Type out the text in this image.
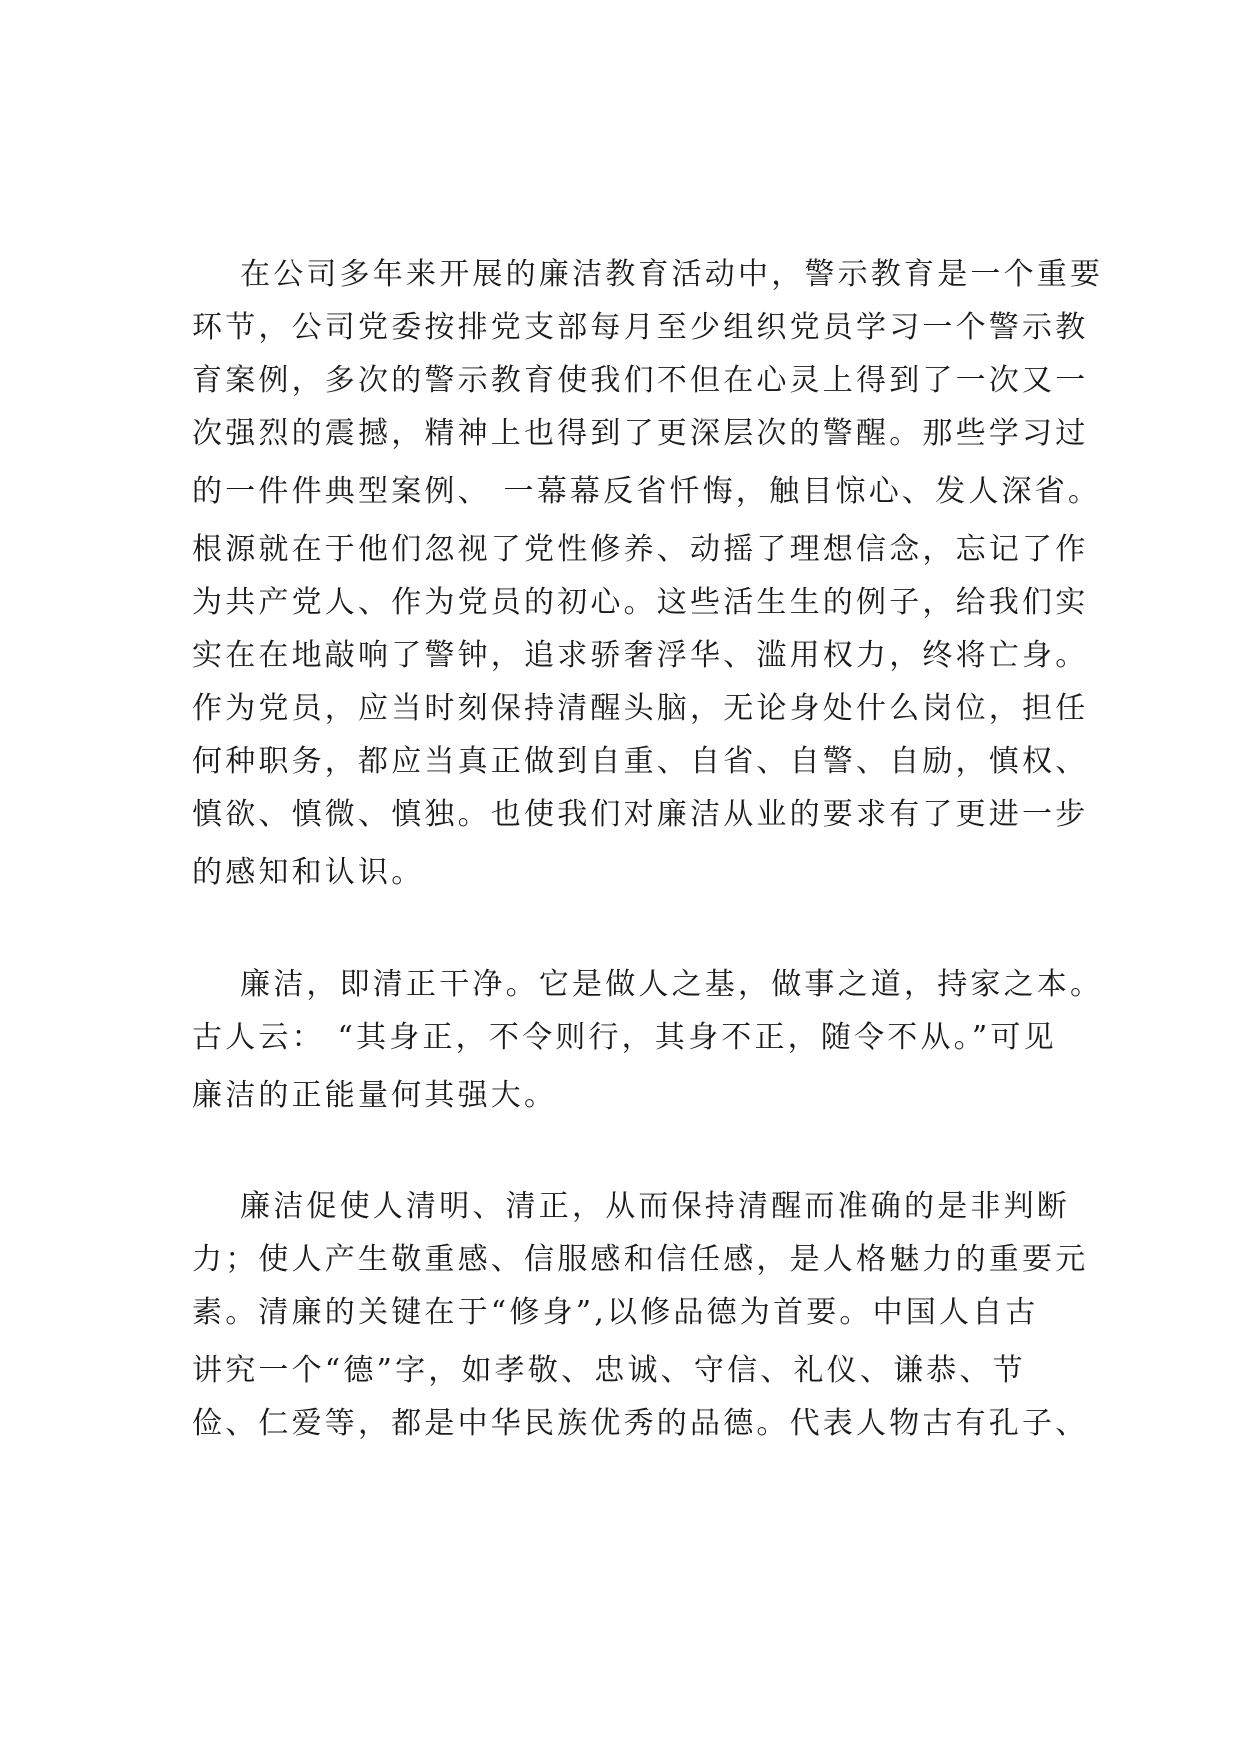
在公司多年来开展的廉洁教育活动中，警示教育是一个重要

环节，公司党委按排党支部每月至少组织党员学习一个警示教

育案例，多次的警示教育使我们不但在心灵上得到了一次又一

次强烈的震撼，精神上也得到了更深层次的警醒。那些学习过

的一件件典型案例、 一幕幕反省忏悔，触目惊心、发人深省。

根源就在于他们忽视了党性修养、动摇了理想信念，忘记了作

为共产党人、作为党员的初心。这些活生生的例子，给我们实

实在在地敲响了警钟，追求骄奢浮华、滥用权力，终将亡身。

作为党员，应当时刻保持清醒头脑，无论身处什么岗位，担任

何种职务，都应当真正做到自重、自省、自警、自励，慎权、

慎欲、慎微、慎独。也使我们对廉洁从业的要求有了更进一步

的感知和认识。

廉洁，即清正干净。它是做人之基，做事之道，持家之本。

古人云： “其身正，不令则行，其身不正，随令不从。”可见

廉洁的正能量何其强大。

廉洁促使人清明、清正，从而保持清醒而准确的是非判断

力；使人产生敬重感、信服感和信任感，是人格魅力的重要元

素。清廉的关键在于“修身”,以修品德为首要。中国人自古

讲究一个“德”字，如孝敬、忠诚、守信、礼仪、谦恭、节

俭、仁爱等，都是中华民族优秀的品德。代表人物古有孔子、
